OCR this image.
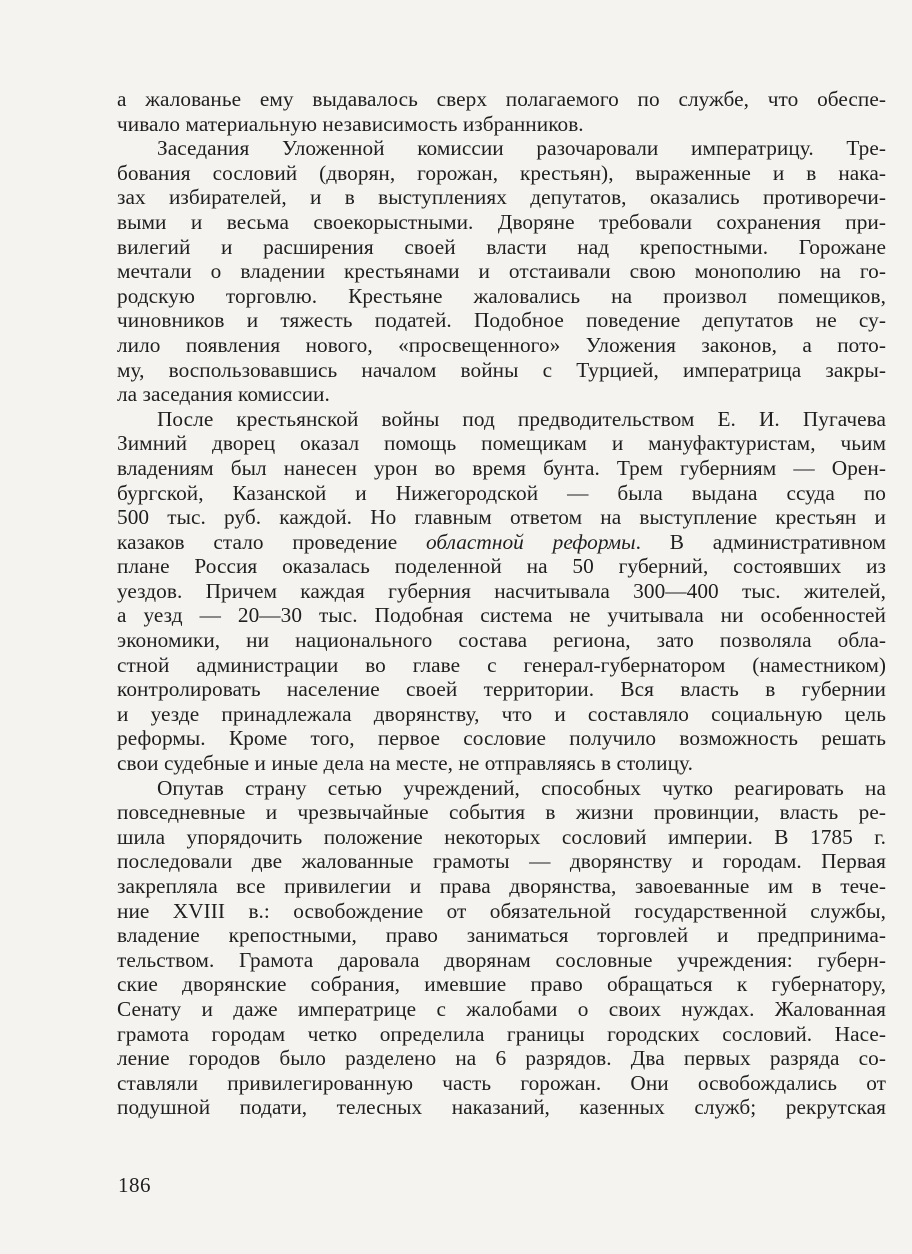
а жалованье ему выдавалось сверх полагаемого по службе, что обеспе-
чивало материальную независимость избранников.
Заседания Уложенной комиссии разочаровали императрицу. Тре-
бования сословий (дворян, горожан, крестьян), выраженные и в нака-
зах избирателей, и в выступлениях депутатов, оказались противоречи-
выми и весьма своекорыстными. Дворяне требовали сохранения при-
вилегий и расширения своей власти над крепостными. Горожане
мечтали о владении крестьянами и отстаивали свою монополию на го-
родскую торговлю. Крестьяне жаловались на произвол помещиков,
чиновников и тяжесть податей. Подобное поведение депутатов не су-
лило появления нового, «просвещенного» Уложения законов, а пото-
му, воспользовавшись началом войны с Турцией, императрица закры-
ла заседания комиссии.
После крестьянской войны под предводительством Е. И. Пугачева
Зимний дворец оказал помощь помещикам и мануфактуристам, чьим
владениям был нанесен урон во время бунта. Трем губерниям — Орен-
бургской, Казанской и Нижегородской — была выдана ссуда по
500 тыс. руб. каждой. Но главным ответом на выступление крестьян и
казаков стало проведение областной реформы. В административном
плане Россия оказалась поделенной на 50 губерний, состоявших из
уездов. Причем каждая губерния насчитывала 300—400 тыс. жителей,
а уезд — 20—30 тыс. Подобная система не учитывала ни особенностей
экономики, ни национального состава региона, зато позволяла обла-
стной администрации во главе с генерал-губернатором (наместником)
контролировать население своей территории. Вся власть в губернии
и уезде принадлежала дворянству, что и составляло социальную цель
реформы. Кроме того, первое сословие получило возможность решать
свои судебные и иные дела на месте, не отправляясь в столицу.
Опутав страну сетью учреждений, способных чутко реагировать на
повседневные и чрезвычайные события в жизни провинции, власть ре-
шила упорядочить положение некоторых сословий империи. В 1785 г.
последовали две жалованные грамоты — дворянству и городам. Первая
закрепляла все привилегии и права дворянства, завоеванные им в тече-
ние XVIII в.: освобождение от обязательной государственной службы,
владение крепостными, право заниматься торговлей и предпринима-
тельством. Грамота даровала дворянам сословные учреждения: губерн-
ские дворянские собрания, имевшие право обращаться к губернатору,
Сенату и даже императрице с жалобами о своих нуждах. Жалованная
грамота городам четко определила границы городских сословий. Насе-
ление городов было разделено на 6 разрядов. Два первых разряда со-
ставляли привилегированную часть горожан. Они освобождались от
подушной подати, телесных наказаний, казенных служб; рекрутская
186
